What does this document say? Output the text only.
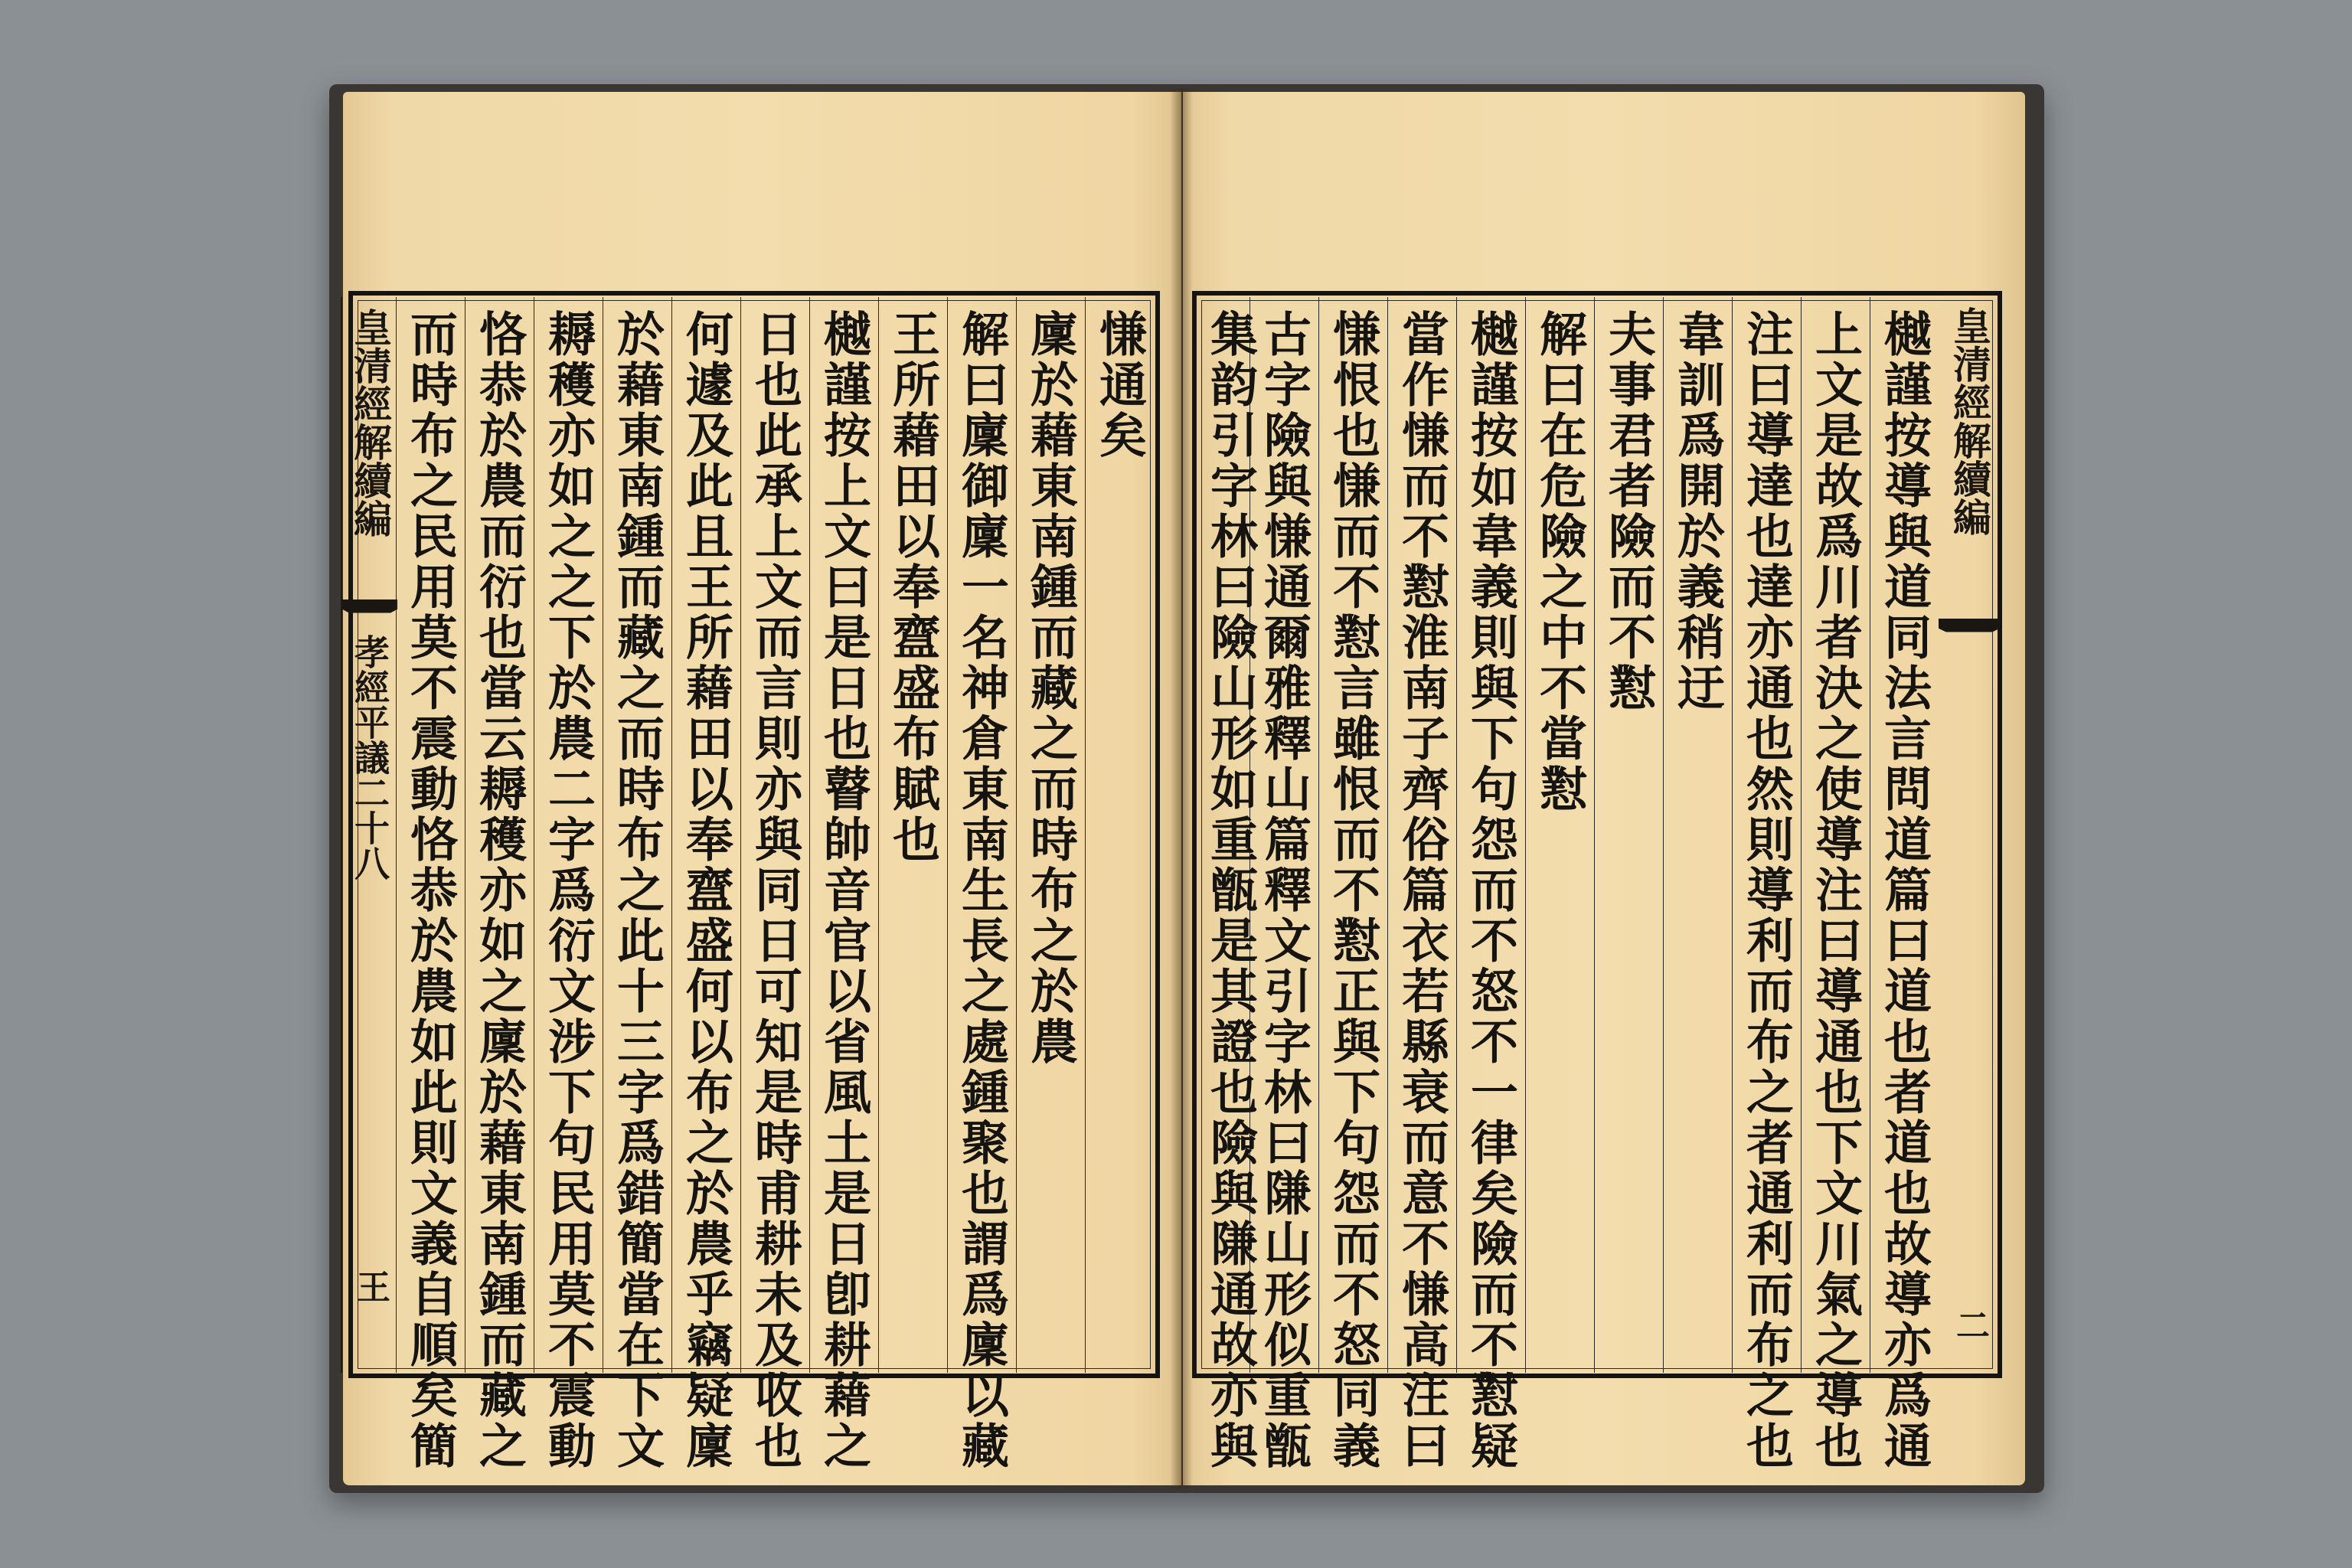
皇清經解續編
孝經平議二十八
王
慊通矣
廩於藉東南鍾而藏之而時布之於農
解曰廩御廩一名神倉東南生長之處鍾聚也謂爲廩以藏
王所藉田以奉齍盛布賦也
樾謹按上文曰是日也瞽帥音官以省風土是日卽耕藉之
日也此承上文而言則亦與同日可知是時甫耕未及收也
何遽及此且王所藉田以奉齍盛何以布之於農乎竊疑廩
於藉東南鍾而藏之而時布之此十三字爲錯簡當在下文
耨穫亦如之之下於農二字爲衍文涉下句民用莫不震動
恪恭於農而衍也當云耨穫亦如之廩於藉東南鍾而藏之
而時布之民用莫不震動恪恭於農如此則文義自順矣簡	皇清經解續編
二
樾謹按導與道同法言問道篇曰道也者道也故導亦爲通
上文是故爲川者決之使導注曰導通也下文川氣之導也
注曰導達也達亦通也然則導利而布之者通利而布之也
韋訓爲開於義稍迂
夫事君者險而不懟
解曰在危險之中不當懟
樾謹按如韋義則與下句怨而不怒不一律矣險而不懟疑
當作慊而不懟淮南子齊俗篇衣若縣衰而意不慊高注曰
慊恨也慊而不懟言雖恨而不懟正與下句怨而不怒同義
古字險與慊通爾雅釋山篇釋文引字林曰隒山形似重甑
集韵引字林曰險山形如重甑是其證也險與隒通故亦與
